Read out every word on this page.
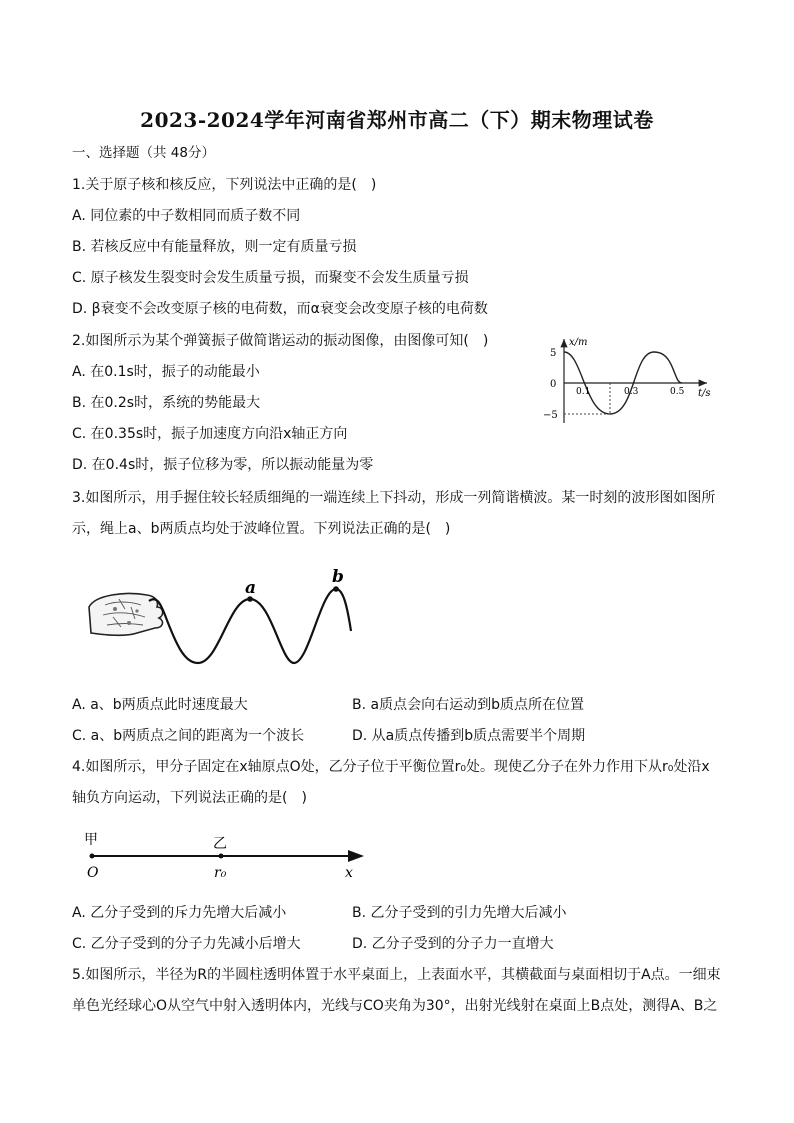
2023-2024学年河南省郑州市高二（下）期末物理试卷
一、选择题（共 48分）
1.关于原子核和核反应，下列说法中正确的是(　)
A. 同位素的中子数相同而质子数不同
B. 若核反应中有能量释放，则一定有质量亏损
C. 原子核发生裂变时会发生质量亏损，而聚变不会发生质量亏损
D. β衰变不会改变原子核的电荷数，而α衰变会改变原子核的电荷数
2.如图所示为某个弹簧振子做简谐运动的振动图像，由图像可知(　)
A. 在0.1s时，振子的动能最小
B. 在0.2s时，系统的势能最大
C. 在0.35s时，振子加速度方向沿x轴正方向
D. 在0.4s时，振子位移为零，所以振动能量为零
x/m
t/s
5
0
−5
0.1	0.3	0.5
3.如图所示，用手握住较长轻质细绳的一端连续上下抖动，形成一列简谐横波。某一时刻的波形图如图所
示，绳上a、b两质点均处于波峰位置。下列说法正确的是(　)
a
b
A. a、b两质点此时速度最大	B. a质点会向右运动到b质点所在位置
C. a、b两质点之间的距离为一个波长	D. 从a质点传播到b质点需要半个周期
4.如图所示，甲分子固定在x轴原点O处，乙分子位于平衡位置r₀处。现使乙分子在外力作用下从r₀处沿x
轴负方向运动，下列说法正确的是(　)
甲	乙
O	r₀	x
A. 乙分子受到的斥力先增大后减小	B. 乙分子受到的引力先增大后减小
C. 乙分子受到的分子力先减小后增大	D. 乙分子受到的分子力一直增大
5.如图所示，半径为R的半圆柱透明体置于水平桌面上，上表面水平，其横截面与桌面相切于A点。一细束
单色光经球心O从空气中射入透明体内，光线与CO夹角为30°，出射光线射在桌面上B点处，测得A、B之
